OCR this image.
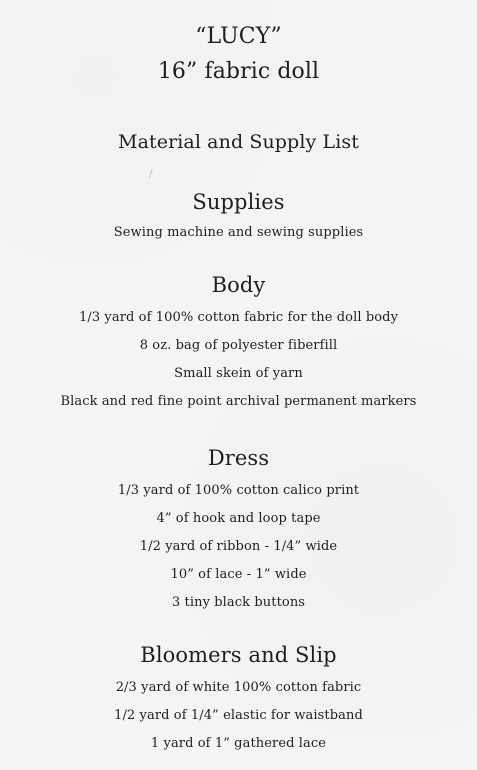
“LUCY”
16” fabric doll
Material and Supply List
Supplies
Sewing machine and sewing supplies
Body
1/3 yard of 100% cotton fabric for the doll body
8 oz. bag of polyester fiberfill
Small skein of yarn
Black and red fine point archival permanent markers
Dress
1/3 yard of 100% cotton calico print
4” of hook and loop tape
1/2 yard of ribbon - 1/4” wide
10” of lace - 1” wide
3 tiny black buttons
Bloomers and Slip
2/3 yard of white 100% cotton fabric
1/2 yard of 1/4” elastic for waistband
1 yard of 1” gathered lace
